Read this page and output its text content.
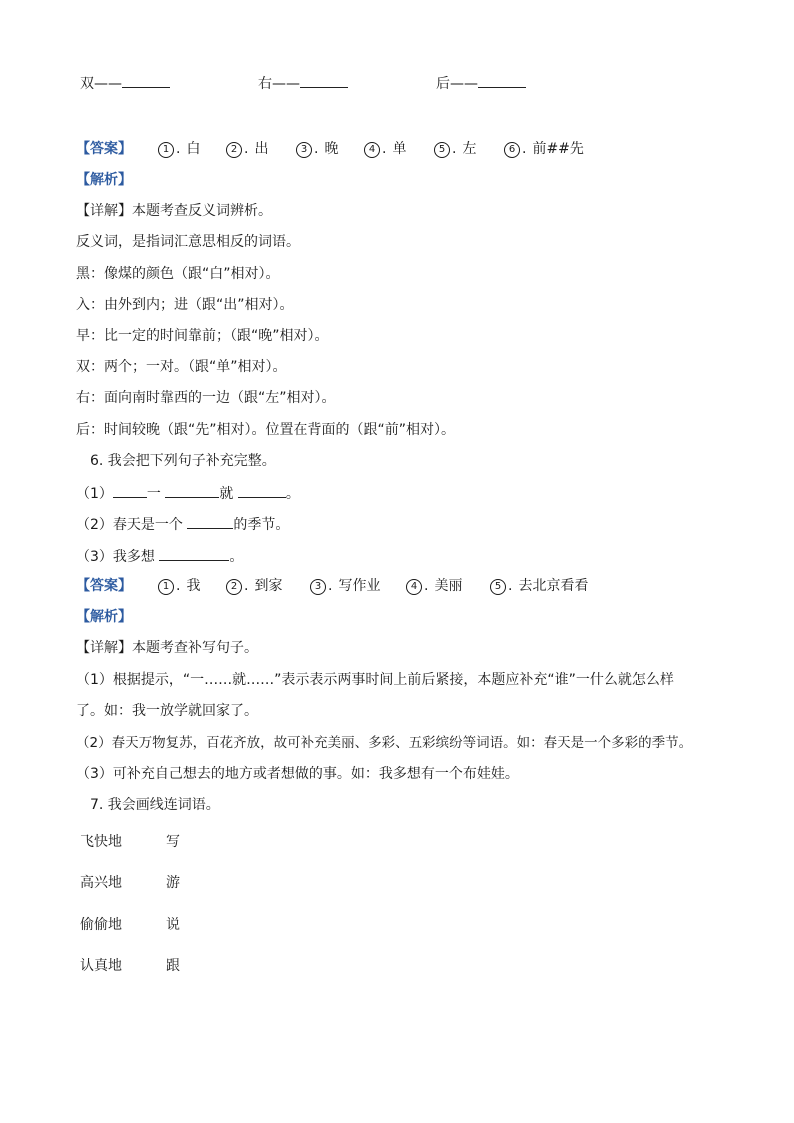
双——	右——	后——
【答案】	1 . 白	2 . 出	3 . 晚	4 . 单	5 . 左	6 . 前##先
【解析】
【详解】本题考查反义词辨析。
反义词，是指词汇意思相反的词语。
黑：像煤的颜色（跟“白”相对）。
入：由外到内；进（跟“出”相对）。
早：比一定的时间靠前；（跟“晚”相对）。
双：两个；一对。（跟“单”相对）。
右：面向南时靠西的一边（跟“左”相对）。
后：时间较晚（跟“先”相对）。位置在背面的（跟“前”相对）。
6. 我会把下列句子补充完整。
（1） 一	就	。
（2）春天是一个	的季节。
（3）我多想	。
【答案】	1 . 我	2 . 到家	3 . 写作业	4 . 美丽	5 . 去北京看看
【解析】
【详解】本题考查补写句子。
（1）根据提示，“一……就……”表示表示两事时间上前后紧接，本题应补充“谁”一什么就怎么样
了。如：我一放学就回家了。
（2）春天万物复苏，百花齐放，故可补充美丽、多彩、五彩缤纷等词语。如：春天是一个多彩的季节。
（3）可补充自己想去的地方或者想做的事。如：我多想有一个布娃娃。
7. 我会画线连词语。
飞快地	写
高兴地	游
偷偷地	说
认真地	跟
